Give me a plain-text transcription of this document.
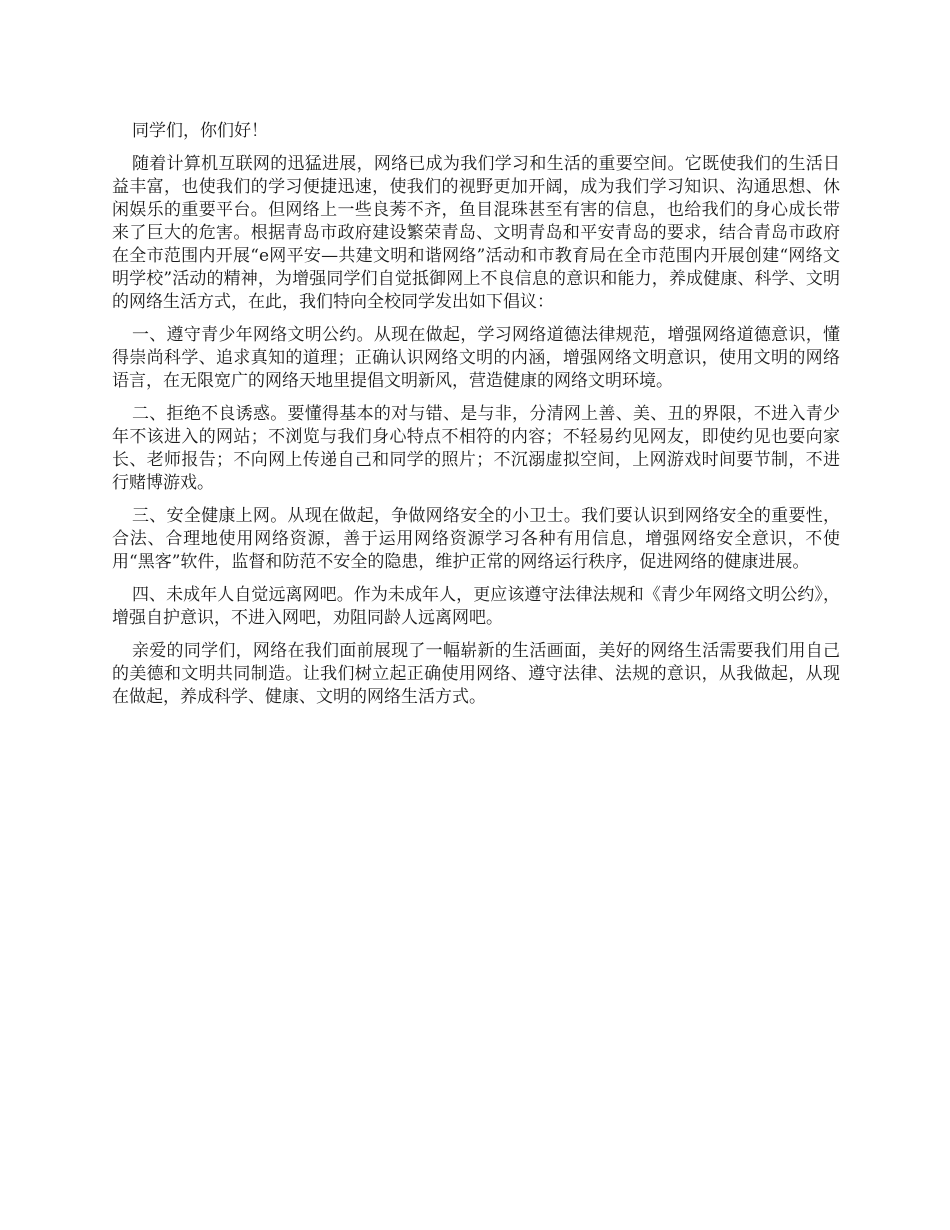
同学们，你们好！

随着计算机互联网的迅猛进展，网络已成为我们学习和生活的重要空间。它既使我们的生活日益丰富，也使我们的学习便捷迅速，使我们的视野更加开阔，成为我们学习知识、沟通思想、休闲娱乐的重要平台。但网络上一些良莠不齐，鱼目混珠甚至有害的信息，也给我们的身心成长带来了巨大的危害。根据青岛市政府建设繁荣青岛、文明青岛和平安青岛的要求，结合青岛市政府在全市范围内开展“e网平安—共建文明和谐网络”活动和市教育局在全市范围内开展创建“网络文明学校”活动的精神，为增强同学们自觉抵御网上不良信息的意识和能力，养成健康、科学、文明的网络生活方式，在此，我们特向全校同学发出如下倡议：

一、遵守青少年网络文明公约。从现在做起，学习网络道德法律规范，增强网络道德意识，懂得崇尚科学、追求真知的道理；正确认识网络文明的内涵，增强网络文明意识，使用文明的网络语言，在无限宽广的网络天地里提倡文明新风，营造健康的网络文明环境。

二、拒绝不良诱惑。要懂得基本的对与错、是与非，分清网上善、美、丑的界限，不进入青少年不该进入的网站；不浏览与我们身心特点不相符的内容；不轻易约见网友，即使约见也要向家长、老师报告；不向网上传递自己和同学的照片；不沉溺虚拟空间，上网游戏时间要节制，不进行赌博游戏。

三、安全健康上网。从现在做起，争做网络安全的小卫士。我们要认识到网络安全的重要性，合法、合理地使用网络资源，善于运用网络资源学习各种有用信息，增强网络安全意识，不使用“黑客”软件，监督和防范不安全的隐患，维护正常的网络运行秩序，促进网络的健康进展。

四、未成年人自觉远离网吧。作为未成年人，更应该遵守法律法规和《青少年网络文明公约》，增强自护意识，不进入网吧，劝阻同龄人远离网吧。

亲爱的同学们，网络在我们面前展现了一幅崭新的生活画面，美好的网络生活需要我们用自己的美德和文明共同制造。让我们树立起正确使用网络、遵守法律、法规的意识，从我做起，从现在做起，养成科学、健康、文明的网络生活方式。
